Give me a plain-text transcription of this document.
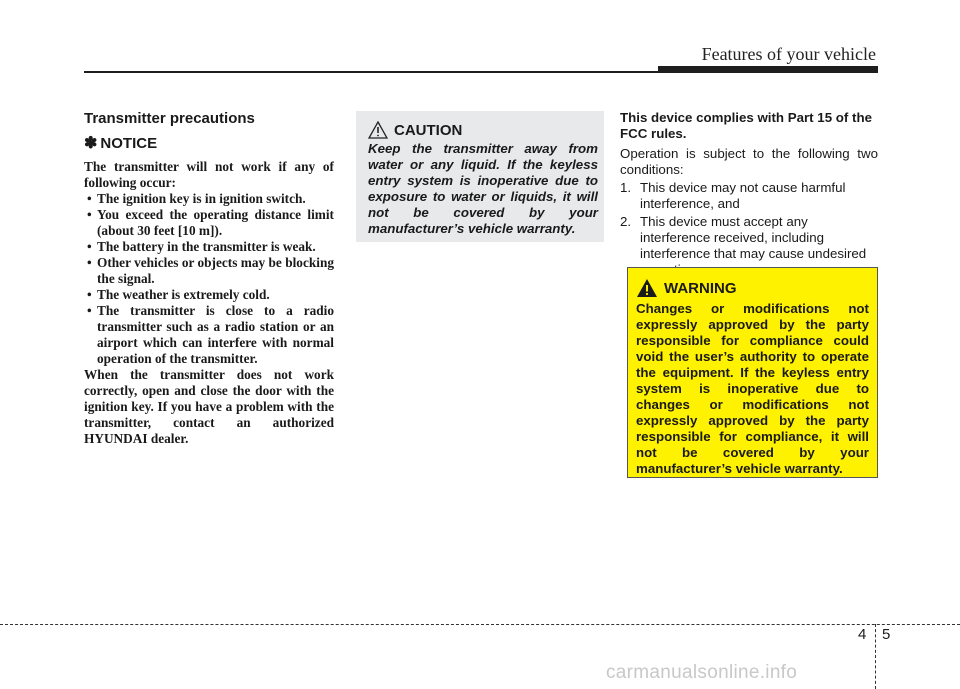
Features of your vehicle
Transmitter precautions
✽ NOTICE

The transmitter will not work if any of following occur:

• The ignition key is in ignition switch.
• You exceed the operating distance limit (about 30 feet [10 m]).
• The battery in the transmitter is weak.
• Other vehicles or objects may be blocking the signal.
• The weather is extremely cold.
• The transmitter is close to a radio transmitter such as a radio station or an airport which can interfere with normal operation of the transmitter.

When the transmitter does not work correctly, open and close the door with the ignition key. If you have a problem with the transmitter, contact an authorized HYUNDAI dealer.

CAUTION
Keep the transmitter away from water or any liquid. If the keyless entry system is inoperative due to exposure to water or liquids, it will not be covered by your manufacturer’s vehicle warranty.

This device complies with Part 15 of the FCC rules.

Operation is subject to the following two conditions:

1. This device may not cause harmful interference, and
2. This device must accept any interference received, including interference that may cause undesired
WARNING
Changes or modifications not expressly approved by the party responsible for compliance could void the user’s authority to operate the equipment. If the keyless entry system is inoperative due to changes or modifications not expressly approved by the party responsible for compliance, it will not be covered by your manufacturer’s vehicle warranty.
4 5
carmanualsonline.info
